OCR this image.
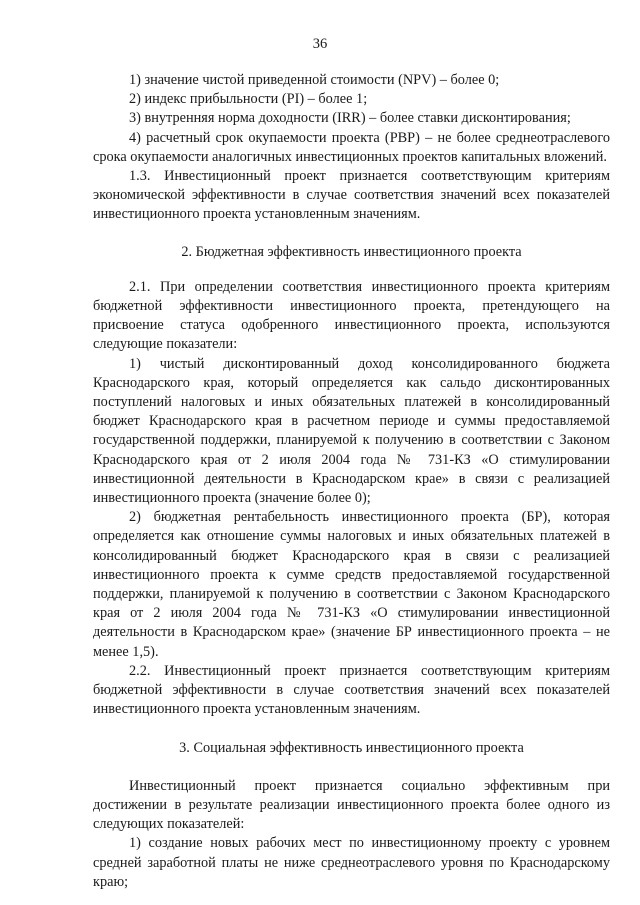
36

1) значение чистой приведенной стоимости (NPV) – более 0;

2) индекс прибыльности (PI) – более 1;

3) внутренняя норма доходности (IRR) – более ставки дисконтирования;

4) расчетный срок окупаемости проекта (PBP) – не более среднеотраслевого срока окупаемости аналогичных инвестиционных проектов капитальных вложений.

1.3. Инвестиционный проект признается соответствующим критериям экономической эффективности в случае соответствия значений всех показателей инвестиционного проекта установленным значениям.

2. Бюджетная эффективность инвестиционного проекта

2.1. При определении соответствия инвестиционного проекта критериям бюджетной эффективности инвестиционного проекта, претендующего на присвоение статуса одобренного инвестиционного проекта, используются следующие показатели:

1) чистый дисконтированный доход консолидированного бюджета Краснодарского края, который определяется как сальдо дисконтированных поступлений налоговых и иных обязательных платежей в консолидированный бюджет Краснодарского края в расчетном периоде и суммы предоставляемой государственной поддержки, планируемой к получению в соответствии с Законом Краснодарского края от 2 июля 2004 года № 731-КЗ «О стимулировании инвестиционной деятельности в Краснодарском крае» в связи с реализацией инвестиционного проекта (значение более 0);

2) бюджетная рентабельность инвестиционного проекта (БР), которая определяется как отношение суммы налоговых и иных обязательных платежей в консолидированный бюджет Краснодарского края в связи с реализацией инвестиционного проекта к сумме средств предоставляемой государственной поддержки, планируемой к получению в соответствии с Законом Краснодарского края от 2 июля 2004 года № 731-КЗ «О стимулировании инвестиционной деятельности в Краснодарском крае» (значение БР инвестиционного проекта – не менее 1,5).

2.2. Инвестиционный проект признается соответствующим критериям бюджетной эффективности в случае соответствия значений всех показателей инвестиционного проекта установленным значениям.

3. Социальная эффективность инвестиционного проекта

Инвестиционный проект признается социально эффективным при достижении в результате реализации инвестиционного проекта более одного из следующих показателей:

1) создание новых рабочих мест по инвестиционному проекту с уровнем средней заработной платы не ниже среднеотраслевого уровня по Краснодарскому краю;
